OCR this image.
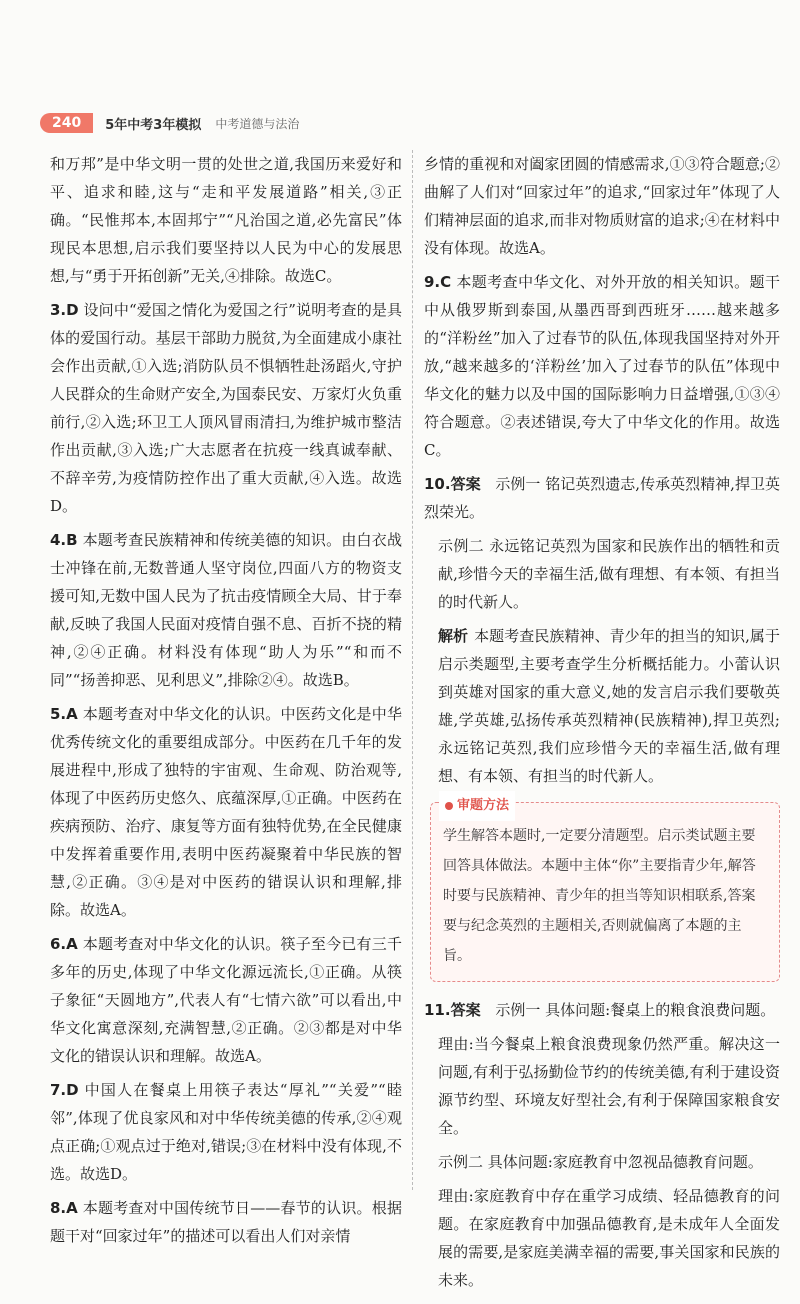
240	5年中考3年模拟 中考道德与法治

和万邦”是中华文明一贯的处世之道,我国历来爱好和平、追求和睦,这与“走和平发展道路”相关,③正确。“民惟邦本,本固邦宁”“凡治国之道,必先富民”体现民本思想,启示我们要坚持以人民为中心的发展思想,与“勇于开拓创新”无关,④排除。故选C。

3.D 设问中“爱国之情化为爱国之行”说明考查的是具体的爱国行动。基层干部助力脱贫,为全面建成小康社会作出贡献,①入选;消防队员不惧牺牲赴汤蹈火,守护人民群众的生命财产安全,为国泰民安、万家灯火负重前行,②入选;环卫工人顶风冒雨清扫,为维护城市整洁作出贡献,③入选;广大志愿者在抗疫一线真诚奉献、不辞辛劳,为疫情防控作出了重大贡献,④入选。故选D。
4.B 本题考查民族精神和传统美德的知识。由白衣战士冲锋在前,无数普通人坚守岗位,四面八方的物资支援可知,无数中国人民为了抗击疫情顾全大局、甘于奉献,反映了我国人民面对疫情自强不息、百折不挠的精神,②④正确。材料没有体现“助人为乐”“和而不同”“扬善抑恶、见利思义”,排除②④。故选B。
5.A 本题考查对中华文化的认识。中医药文化是中华优秀传统文化的重要组成部分。中医药在几千年的发展进程中,形成了独特的宇宙观、生命观、防治观等,体现了中医药历史悠久、底蕴深厚,①正确。中医药在疾病预防、治疗、康复等方面有独特优势,在全民健康中发挥着重要作用,表明中医药凝聚着中华民族的智慧,②正确。③④是对中医药的错误认识和理解,排除。故选A。
6.A 本题考查对中华文化的认识。筷子至今已有三千多年的历史,体现了中华文化源远流长,①正确。从筷子象征“天圆地方”,代表人有“七情六欲”可以看出,中华文化寓意深刻,充满智慧,②正确。②③都是对中华文化的错误认识和理解。故选A。
7.D 中国人在餐桌上用筷子表达“厚礼”“关爱”“睦邻”,体现了优良家风和对中华传统美德的传承,②④观点正确;①观点过于绝对,错误;③在材料中没有体现,不选。故选D。
8.A 本题考查对中国传统节日——春节的认识。根据题干对“回家过年”的描述可以看出人们对亲情

乡情的重视和对阖家团圆的情感需求,①③符合题意;②曲解了人们对“回家过年”的追求,“回家过年”体现了人们精神层面的追求,而非对物质财富的追求;④在材料中没有体现。故选A。

9.C 本题考查中华文化、对外开放的相关知识。题干中从俄罗斯到泰国,从墨西哥到西班牙……越来越多的“洋粉丝”加入了过春节的队伍,体现我国坚持对外开放,“越来越多的‘洋粉丝’加入了过春节的队伍”体现中华文化的魅力以及中国的国际影响力日益增强,①③④符合题意。②表述错误,夸大了中华文化的作用。故选C。
10.答案 示例一 铭记英烈遗志,传承英烈精神,捍卫英烈荣光。

示例二 永远铭记英烈为国家和民族作出的牺牲和贡献,珍惜今天的幸福生活,做有理想、有本领、有担当的时代新人。

解析 本题考查民族精神、青少年的担当的知识,属于启示类题型,主要考查学生分析概括能力。小蕾认识到英雄对国家的重大意义,她的发言启示我们要敬英雄,学英雄,弘扬传承英烈精神(民族精神),捍卫英烈;永远铭记英烈,我们应珍惜今天的幸福生活,做有理想、有本领、有担当的时代新人。

审题方法
学生解答本题时,一定要分清题型。启示类试题主要回答具体做法。本题中主体“你”主要指青少年,解答时要与民族精神、青少年的担当等知识相联系,答案要与纪念英烈的主题相关,否则就偏离了本题的主旨。
11.答案 示例一 具体问题:餐桌上的粮食浪费问题。

理由:当今餐桌上粮食浪费现象仍然严重。解决这一问题,有利于弘扬勤俭节约的传统美德,有利于建设资源节约型、环境友好型社会,有利于保障国家粮食安全。

示例二 具体问题:家庭教育中忽视品德教育问题。

理由:家庭教育中存在重学习成绩、轻品德教育的问题。在家庭教育中加强品德教育,是未成年人全面发展的需要,是家庭美满幸福的需要,事关国家和民族的未来。
